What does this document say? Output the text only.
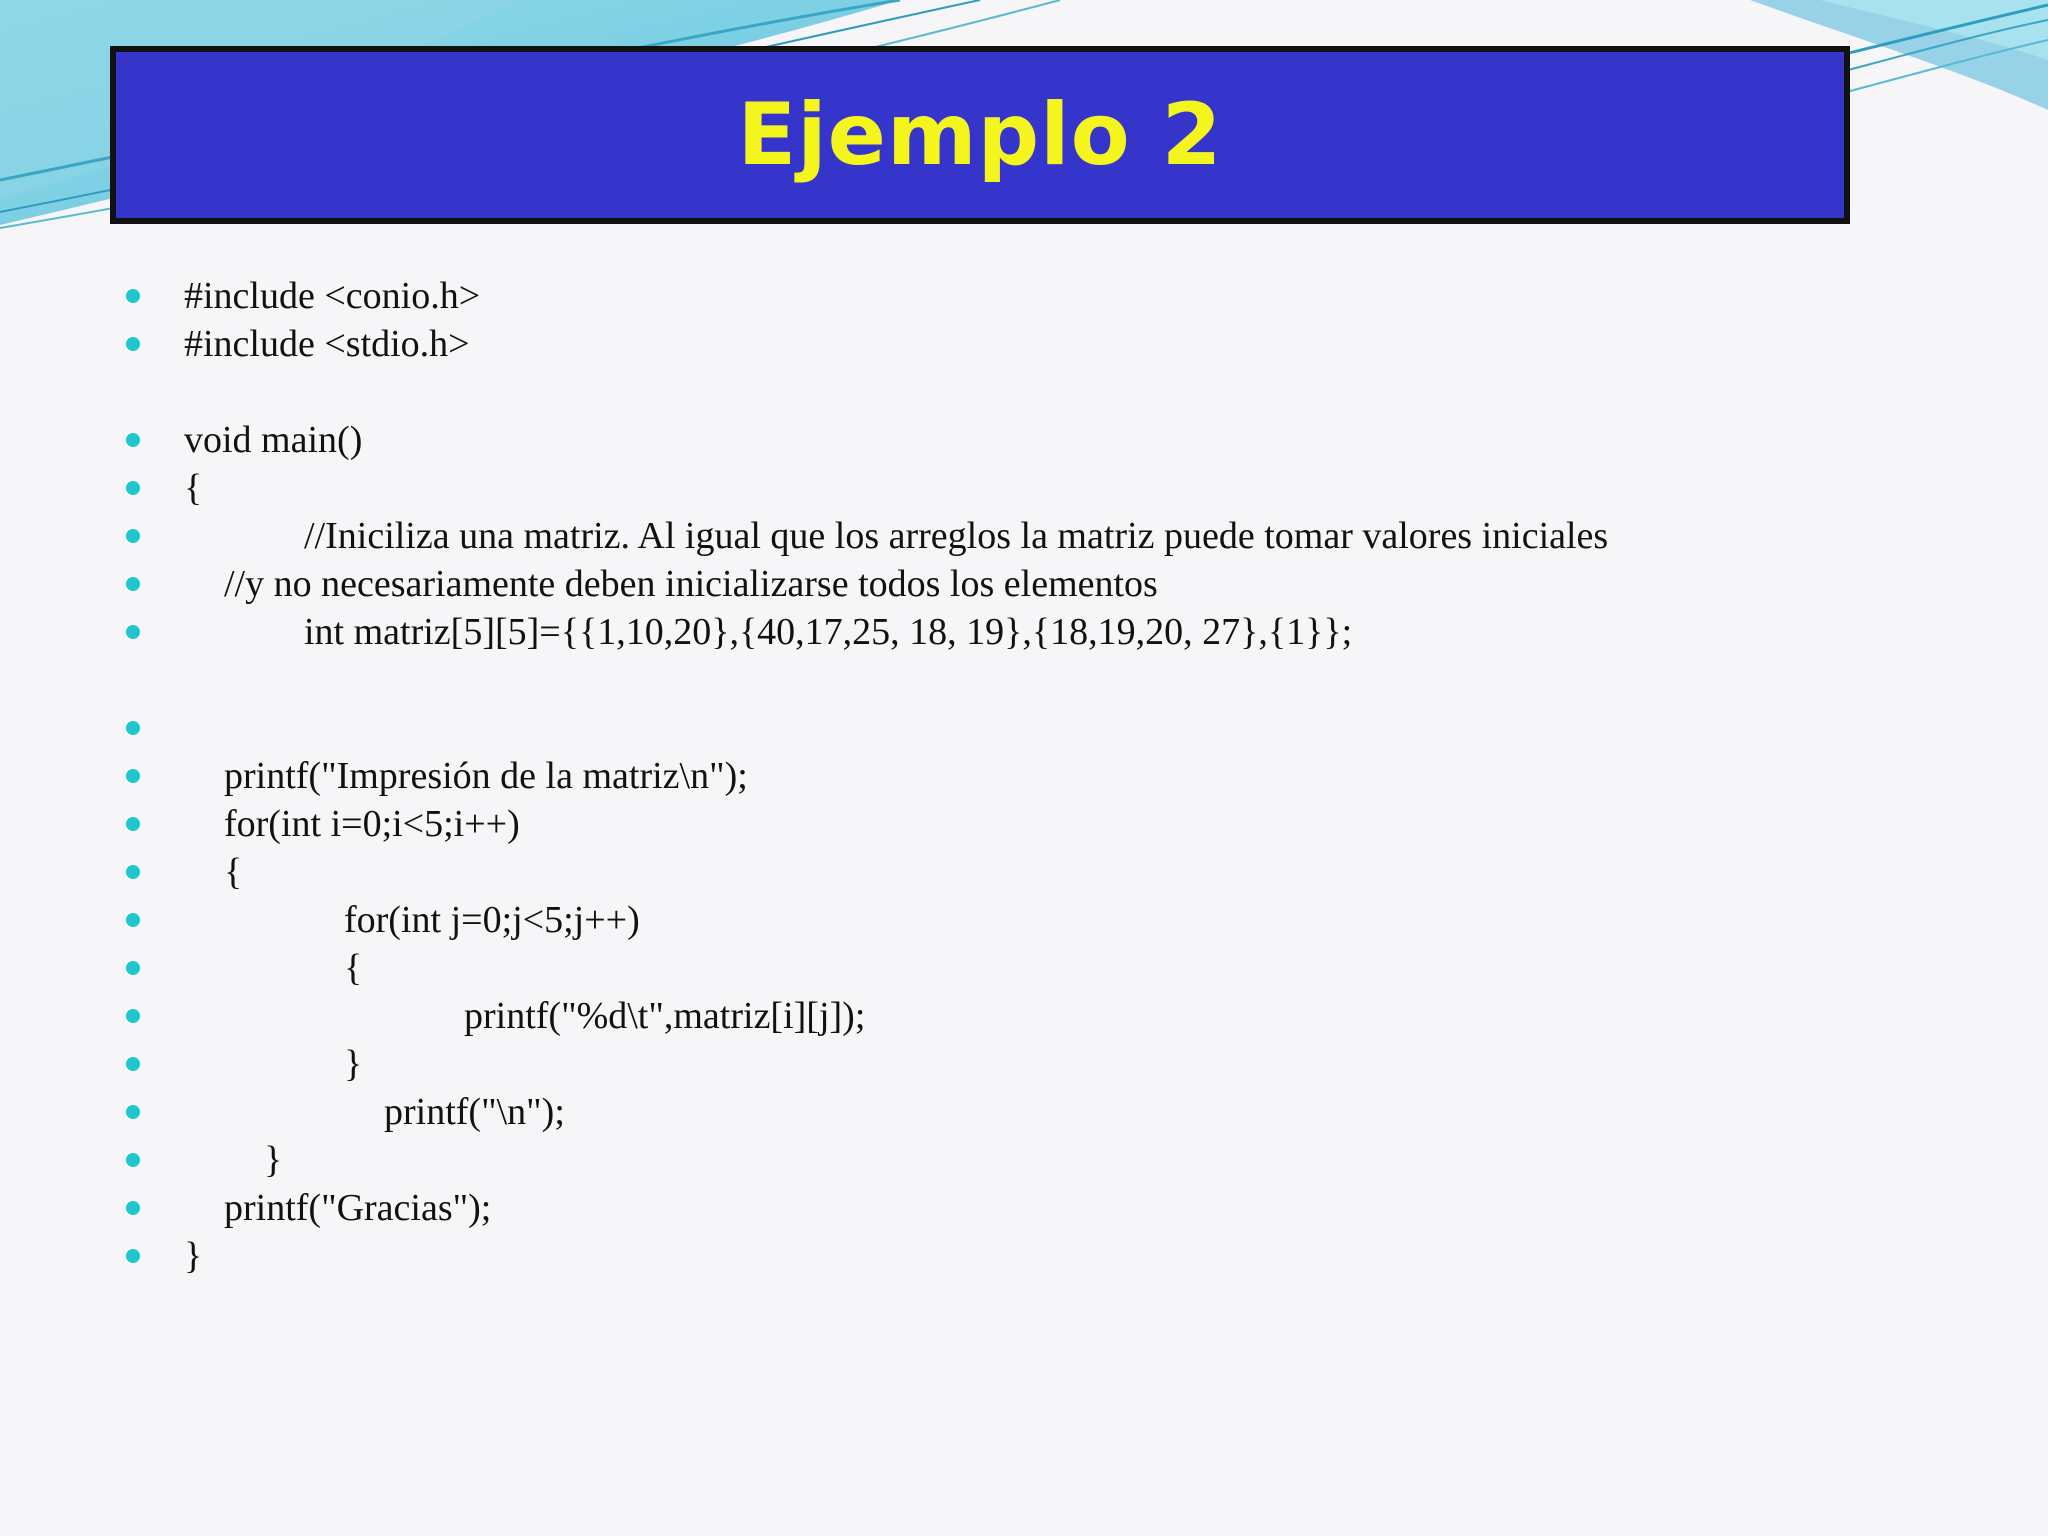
Ejemplo 2
#include <conio.h>
#include <stdio.h>
void main()
{
//Iniciliza una matriz. Al igual que los arreglos la matriz puede tomar valores iniciales
//y no necesariamente deben inicializarse todos los elementos
int matriz[5][5]={{1,10,20},{40,17,25, 18, 19},{18,19,20, 27},{1}};
printf("Impresión de la matriz\n");
for(int i=0;i<5;i++)
{
for(int j=0;j<5;j++)
{
printf("%d\t",matriz[i][j]);
}
printf("\n");
}
printf("Gracias");
}
